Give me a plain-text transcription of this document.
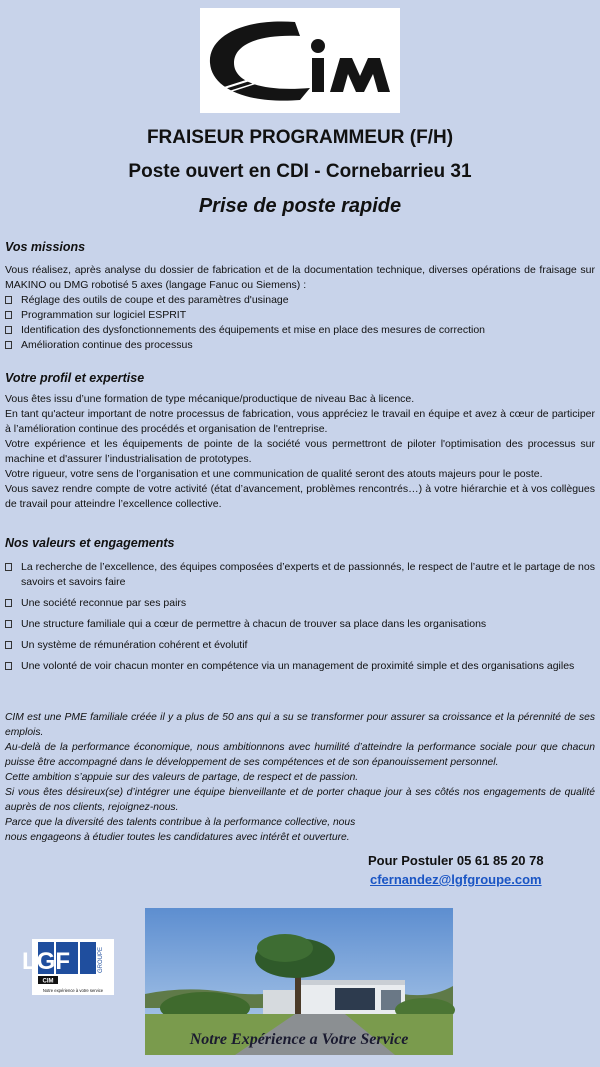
FRAISEUR PROGRAMMEUR (F/H)

Poste ouvert en CDI - Cornebarrieu 31

Prise de poste rapide

Vos missions

Vous réalisez, après analyse du dossier de fabrication et de la documentation technique, diverses opérations de fraisage sur MAKINO ou DMG robotisé 5 axes (langage Fanuc ou Siemens) :

Réglage des outils de coupe et des paramètres d'usinage
Programmation sur logiciel ESPRIT
Identification des dysfonctionnements des équipements et mise en place des mesures de correction
Amélioration continue des processus

Votre profil et expertise

Vous êtes issu d’une formation de type mécanique/productique de niveau Bac à licence.
En tant qu'acteur important de notre processus de fabrication, vous appréciez le travail en équipe et avez à cœur de participer à l’amélioration continue des procédés et organisation de l'entreprise.
Votre expérience et les équipements de pointe de la société vous permettront de piloter l'optimisation des processus sur machine et d'assurer l’industrialisation de prototypes.
Votre rigueur, votre sens de l’organisation et une communication de qualité seront des atouts majeurs pour le poste.
Vous savez rendre compte de votre activité (état d’avancement, problèmes rencontrés…) à votre hiérarchie et à vos collègues de travail pour atteindre l’excellence collective.

Nos valeurs et engagements

La recherche de l’excellence, des équipes composées d’experts et de passionnés, le respect de l’autre et le partage de nos savoirs et savoirs faire
Une société reconnue par ses pairs
Une structure familiale qui a cœur de permettre à chacun de trouver sa place dans les organisations
Un système de rémunération cohérent et évolutif
Une volonté de voir chacun monter en compétence via un management de proximité simple et des organisations agiles

CIM est une PME familiale créée il y a plus de 50 ans qui a su se transformer pour assurer sa croissance et la pérennité de ses emplois.

Au-delà de la performance économique, nous ambitionnons avec humilité d’atteindre la performance sociale pour que chacun puisse être accompagné dans le développement de ses compétences et de son épanouissement personnel.

Cette ambition s’appuie sur des valeurs de partage, de respect et de passion.

Si vous êtes désireux(se) d’intégrer une équipe bienveillante et de porter chaque jour à ses côtés nos engagements de qualité auprès de nos clients, rejoignez-nous.

Parce que la diversité des talents contribue à la performance collective, nous nous engageons à étudier toutes les candidatures avec intérêt et ouverture.

Pour Postuler 05 61 85 20 78
cfernandez@lgfgroupe.com
LGF	GROUPE
CIM
Notre expérience à votre service
Notre Expérience a Votre Service
